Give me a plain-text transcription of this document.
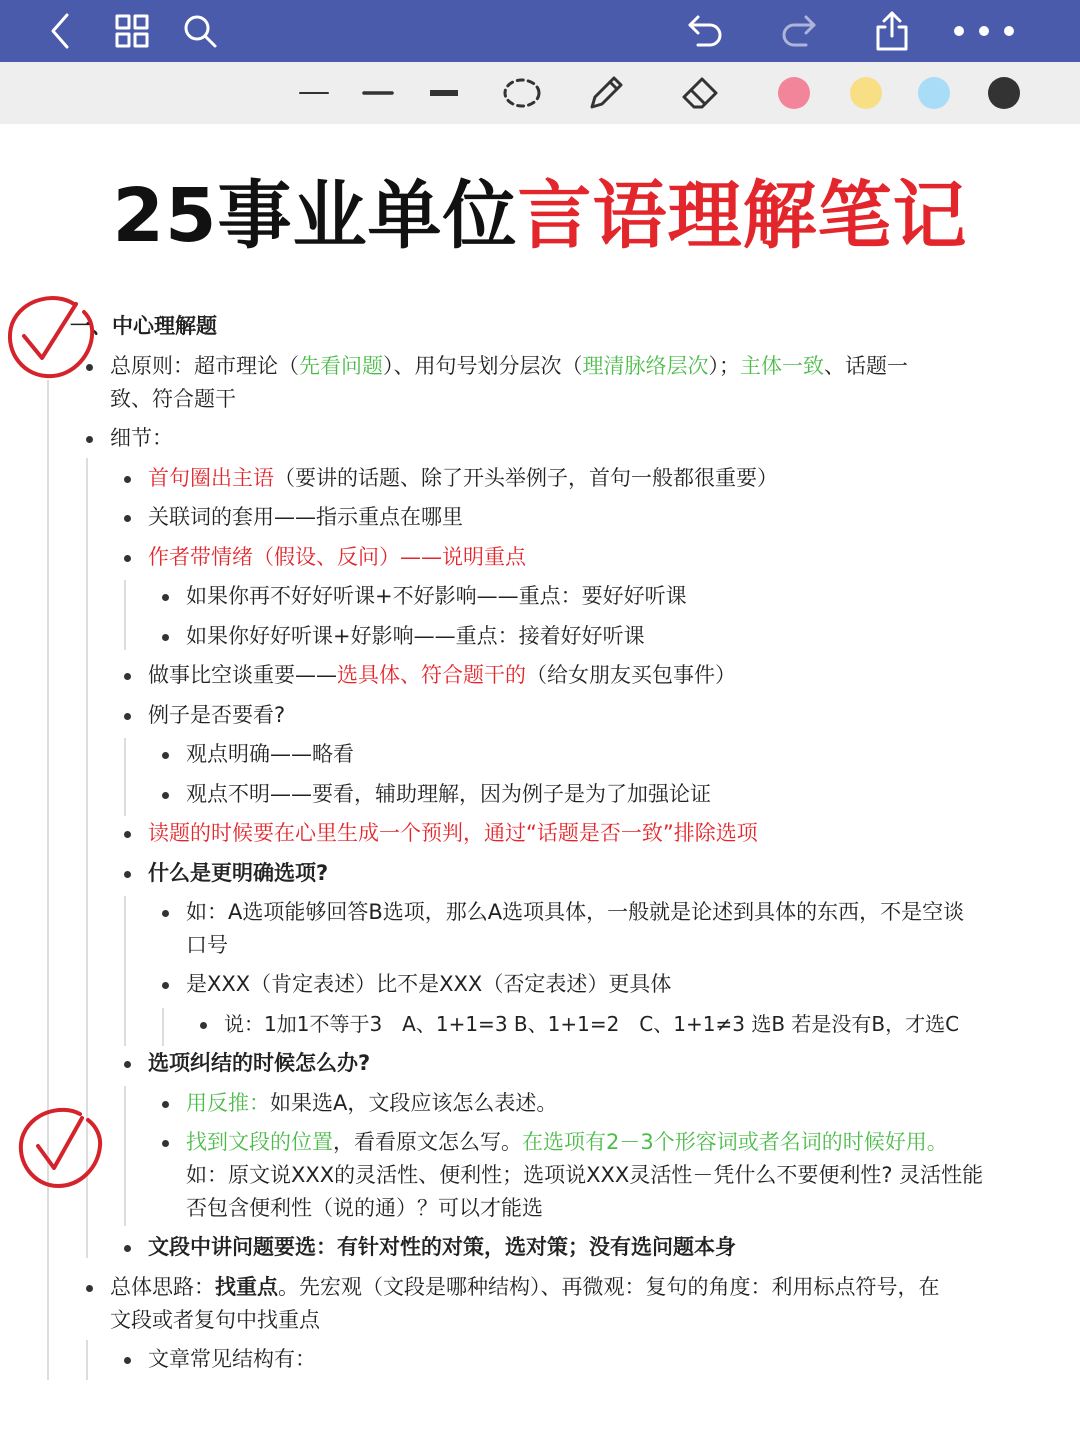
25事业单位言语理解笔记
一、中心理解题
总原则：超市理论（先看问题）、用句号划分层次（理清脉络层次）；主体一致、话题一
致、符合题干
细节：
首句圈出主语（要讲的话题、除了开头举例子，首句一般都很重要）
关联词的套用——指示重点在哪里
作者带情绪（假设、反问）——说明重点
如果你再不好好听课+不好影响——重点：要好好听课
如果你好好听课+好影响——重点：接着好好听课
做事比空谈重要——选具体、符合题干的（给女朋友买包事件）
例子是否要看?
观点明确——略看
观点不明——要看，辅助理解，因为例子是为了加强论证
读题的时候要在心里生成一个预判，通过“话题是否一致”排除选项
什么是更明确选项?
如：A选项能够回答B选项，那么A选项具体，一般就是论述到具体的东西，不是空谈
口号
是XXX（肯定表述）比不是XXX（否定表述）更具体
说：1加1不等于3　A、1+1=3 B、1+1=2　C、1+1≠3 选B 若是没有B，才选C
选项纠结的时候怎么办?
用反推：如果选A，文段应该怎么表述。
找到文段的位置，看看原文怎么写。在选项有2－3个形容词或者名词的时候好用。
如：原文说XXX的灵活性、便利性；选项说XXX灵活性－凭什么不要便利性? 灵活性能
否包含便利性（说的通）？可以才能选
文段中讲问题要选：有针对性的对策，选对策；没有选问题本身
总体思路：找重点。先宏观（文段是哪种结构）、再微观：复句的角度：利用标点符号，在
文段或者复句中找重点
文章常见结构有：
